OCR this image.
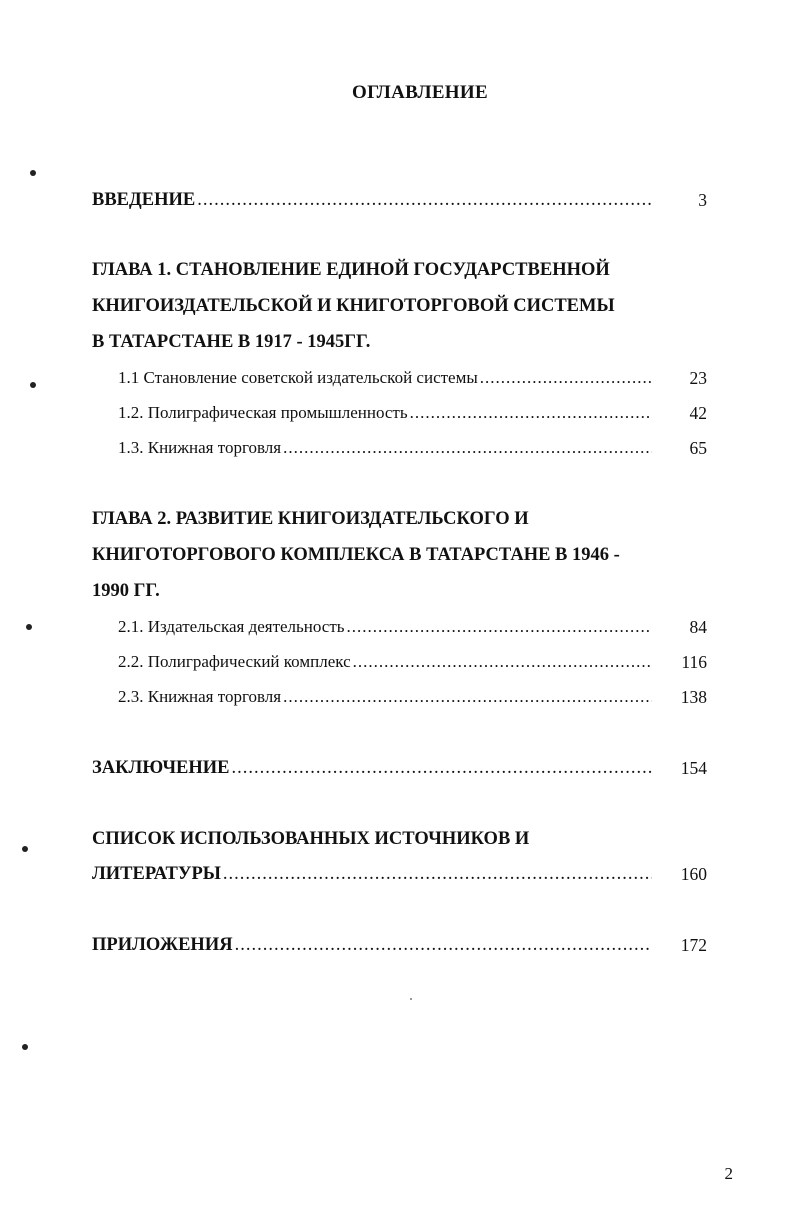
ОГЛАВЛЕНИЕ
ВВЕДЕНИЕ .....	3
ГЛАВА 1. СТАНОВЛЕНИЕ ЕДИНОЙ ГОСУДАРСТВЕННОЙ
КНИГОИЗДАТЕЛЬСКОЙ И КНИГОТОРГОВОЙ СИСТЕМЫ
В ТАТАРСТАНЕ В 1917 - 1945ГГ.
1.1 Становление советской издательской системы .....	23
1.2. Полиграфическая промышленность .....	42
1.3. Книжная торговля .....	65
ГЛАВА 2. РАЗВИТИЕ КНИГОИЗДАТЕЛЬСКОГО И
КНИГОТОРГОВОГО КОМПЛЕКСА В ТАТАРСТАНЕ В 1946 -
1990 ГГ.
2.1. Издательская деятельность .....	84
2.2. Полиграфический комплекс .....	116
2.3. Книжная торговля .....	138
ЗАКЛЮЧЕНИЕ .....	154
СПИСОК ИСПОЛЬЗОВАННЫХ ИСТОЧНИКОВ И
ЛИТЕРАТУРЫ .....	160
ПРИЛОЖЕНИЯ .....	172
2
